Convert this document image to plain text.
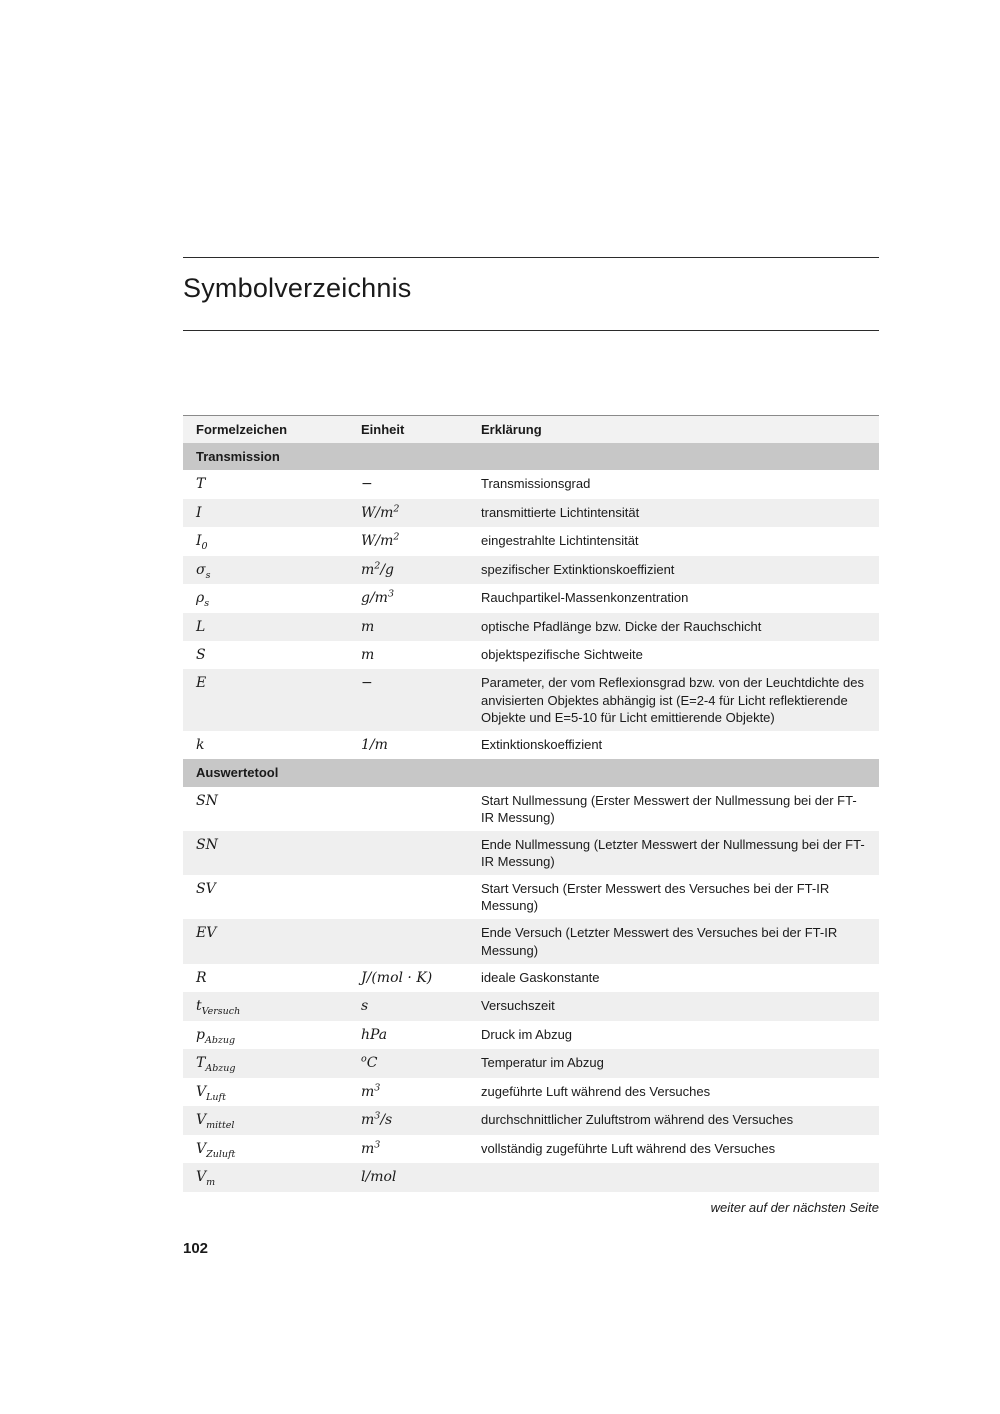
Symbolverzeichnis
Formelzeichen	Einheit	Erklärung
Transmission		
T	−	Transmissionsgrad
I	$W/m^2$	transmittierte Lichtintensität
$I_0$	$W/m^2$	eingestrahlte Lichtintensität
$\sigma_s$	$m^2/g$	spezifischer Extinktionskoeffizient
$\rho_s$	$g/m^3$	Rauchpartikel-Massenkonzentration
L	m	optische Pfadlänge bzw. Dicke der Rauchschicht
S	m	objektspezifische Sichtweite
E	−	Parameter, der vom Reflexionsgrad bzw. von der Leuchtdichte des anvisierten Objektes abhängig ist (E=2-4 für Licht reflektierende Objekte und E=5-10 für Licht emittierende Objekte)
k	1/m	Extinktionskoeffizient
Auswertetool		
SN		Start Nullmessung (Erster Messwert der Nullmessung bei der FT-IR Messung)
SN		Ende Nullmessung (Letzter Messwert der Nullmessung bei der FT-IR Messung)
SV		Start Versuch (Erster Messwert des Versuches bei der FT-IR Messung)
EV		Ende Versuch (Letzter Messwert des Versuches bei der FT-IR Messung)
R	J/(mol · K)	ideale Gaskonstante
$t_{Versuch}$	s	Versuchszeit
$p_{Abzug}$	hPa	Druck im Abzug
$T_{Abzug}$	$^o$C	Temperatur im Abzug
$V_{Luft}$	$m^3$	zugeführte Luft während des Versuches
$V_{mittel}$	$m^3/s$	durchschnittlicher Zuluftstrom während des Versuches
$V_{Zuluft}$	$m^3$	vollständig zugeführte Luft während des Versuches
$V_m$	l/mol	
weiter auf der nächsten Seite
102
